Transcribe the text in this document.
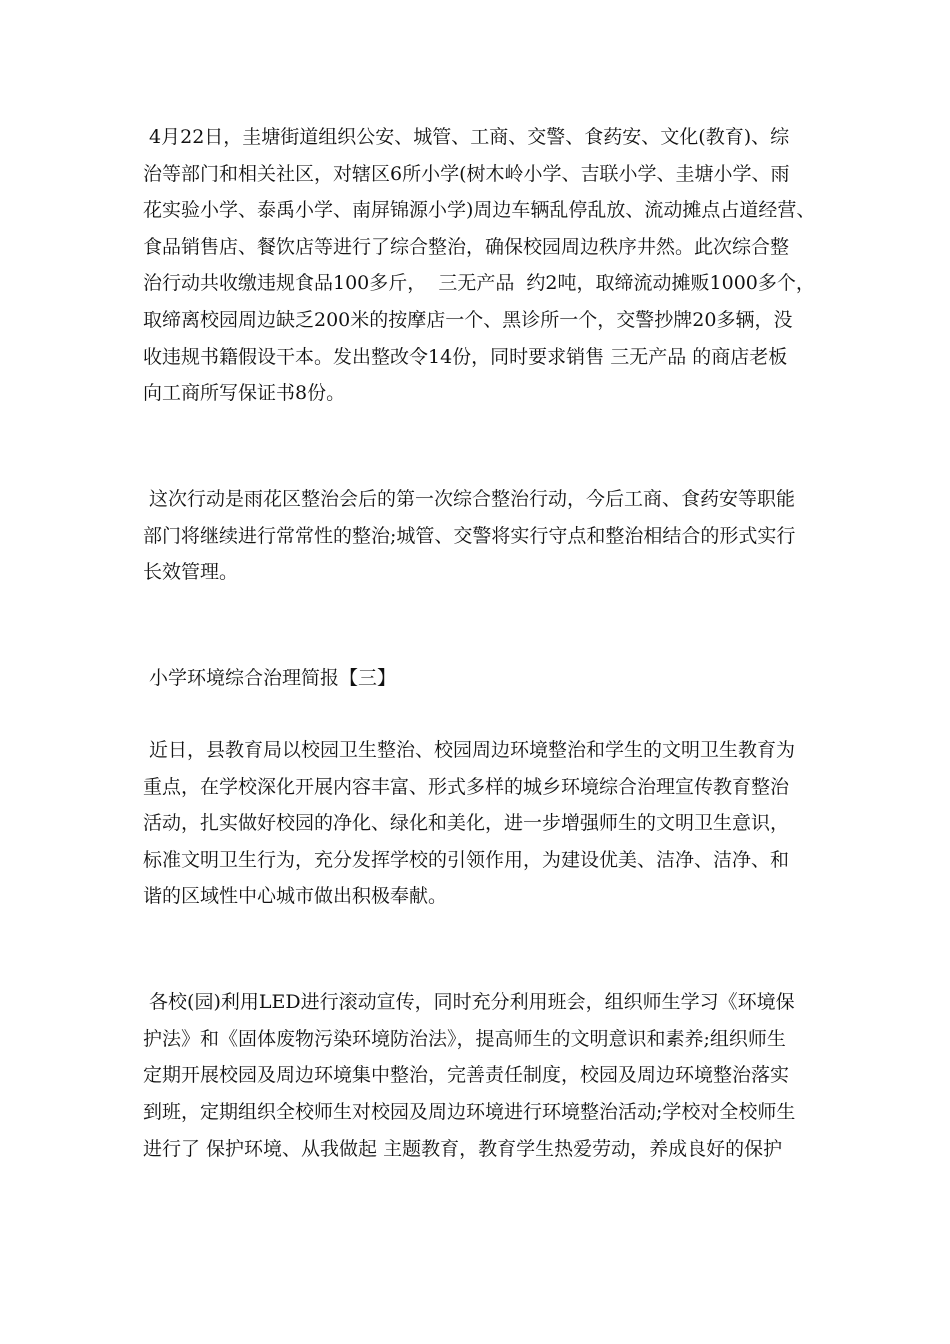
4月22日，圭塘街道组织公安、城管、工商、交警、食药安、文化(教育)、综
治等部门和相关社区，对辖区6所小学(树木岭小学、吉联小学、圭塘小学、雨
花实验小学、泰禹小学、南屏锦源小学)周边车辆乱停乱放、流动摊点占道经营、
食品销售店、餐饮店等进行了综合整治，确保校园周边秩序井然。此次综合整
治行动共收缴违规食品100多斤，  三无产品  约2吨，取缔流动摊贩1000多个，
取缔离校园周边缺乏200米的按摩店一个、黑诊所一个，交警抄牌20多辆，没
收违规书籍假设干本。发出整改令14份，同时要求销售 三无产品 的商店老板
向工商所写保证书8份。
这次行动是雨花区整治会后的第一次综合整治行动，今后工商、食药安等职能
部门将继续进行常常性的整治;城管、交警将实行守点和整治相结合的形式实行
长效管理。
小学环境综合治理简报【三】
近日，县教育局以校园卫生整治、校园周边环境整治和学生的文明卫生教育为
重点，在学校深化开展内容丰富、形式多样的城乡环境综合治理宣传教育整治
活动，扎实做好校园的净化、绿化和美化，进一步增强师生的文明卫生意识，
标准文明卫生行为，充分发挥学校的引领作用，为建设优美、洁净、洁净、和
谐的区域性中心城市做出积极奉献。
各校(园)利用LED进行滚动宣传，同时充分利用班会，组织师生学习《环境保
护法》和《固体废物污染环境防治法》，提高师生的文明意识和素养;组织师生
定期开展校园及周边环境集中整治，完善责任制度，校园及周边环境整治落实
到班，定期组织全校师生对校园及周边环境进行环境整治活动;学校对全校师生
进行了 保护环境、从我做起 主题教育，教育学生热爱劳动，养成良好的保护
